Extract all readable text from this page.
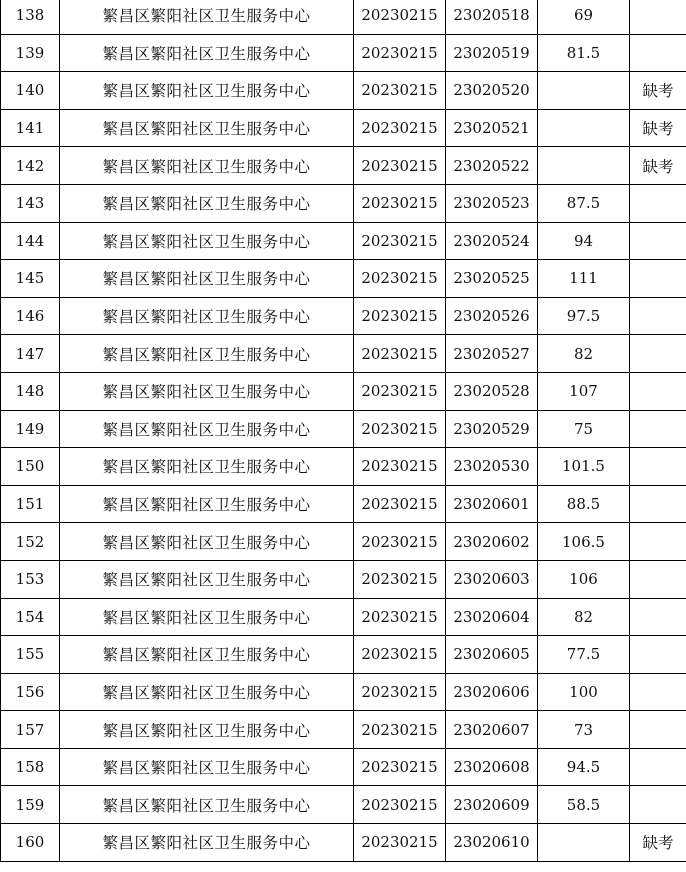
138	繁昌区繁阳社区卫生服务中心	20230215	23020518	69	
139	繁昌区繁阳社区卫生服务中心	20230215	23020519	81.5	
140	繁昌区繁阳社区卫生服务中心	20230215	23020520		缺考
141	繁昌区繁阳社区卫生服务中心	20230215	23020521		缺考
142	繁昌区繁阳社区卫生服务中心	20230215	23020522		缺考
143	繁昌区繁阳社区卫生服务中心	20230215	23020523	87.5	
144	繁昌区繁阳社区卫生服务中心	20230215	23020524	94	
145	繁昌区繁阳社区卫生服务中心	20230215	23020525	111	
146	繁昌区繁阳社区卫生服务中心	20230215	23020526	97.5	
147	繁昌区繁阳社区卫生服务中心	20230215	23020527	82	
148	繁昌区繁阳社区卫生服务中心	20230215	23020528	107	
149	繁昌区繁阳社区卫生服务中心	20230215	23020529	75	
150	繁昌区繁阳社区卫生服务中心	20230215	23020530	101.5	
151	繁昌区繁阳社区卫生服务中心	20230215	23020601	88.5	
152	繁昌区繁阳社区卫生服务中心	20230215	23020602	106.5	
153	繁昌区繁阳社区卫生服务中心	20230215	23020603	106	
154	繁昌区繁阳社区卫生服务中心	20230215	23020604	82	
155	繁昌区繁阳社区卫生服务中心	20230215	23020605	77.5	
156	繁昌区繁阳社区卫生服务中心	20230215	23020606	100	
157	繁昌区繁阳社区卫生服务中心	20230215	23020607	73	
158	繁昌区繁阳社区卫生服务中心	20230215	23020608	94.5	
159	繁昌区繁阳社区卫生服务中心	20230215	23020609	58.5	
160	繁昌区繁阳社区卫生服务中心	20230215	23020610		缺考
